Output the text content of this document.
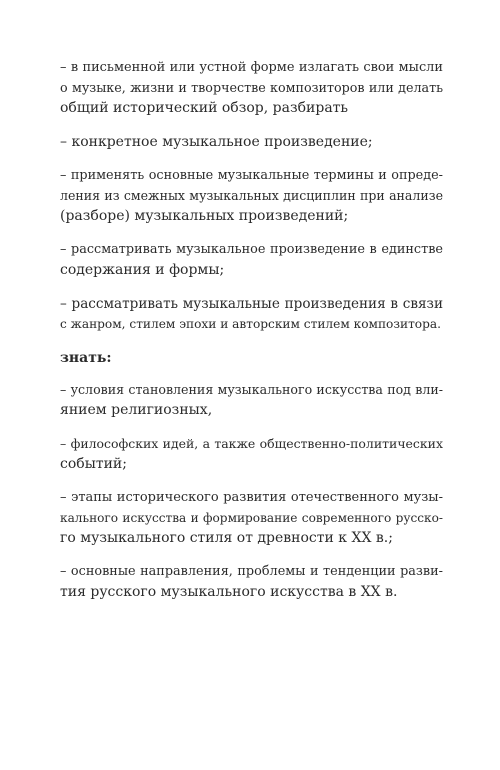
– в письменной или устной форме излагать свои мысли
о музыке, жизни и творчестве композиторов или делать
общий исторический обзор, разбирать
– конкретное музыкальное произведение;
– применять основные музыкальные термины и опреде-
ления из смежных музыкальных дисциплин при анализе
(разборе) музыкальных произведений;
– рассматривать музыкальное произведение в единстве
содержания и формы;
– рассматривать музыкальные произведения в связи
с жанром, стилем эпохи и авторским стилем композитора.
знать:
– условия становления музыкального искусства под вли-
янием религиозных,
– философских идей, а также общественно-политических
событий;
– этапы исторического развития отечественного музы-
кального искусства и формирование современного русско-
го музыкального стиля от древности к XX в.;
– основные направления, проблемы и тенденции разви-
тия русского музыкального искусства в XX в.
